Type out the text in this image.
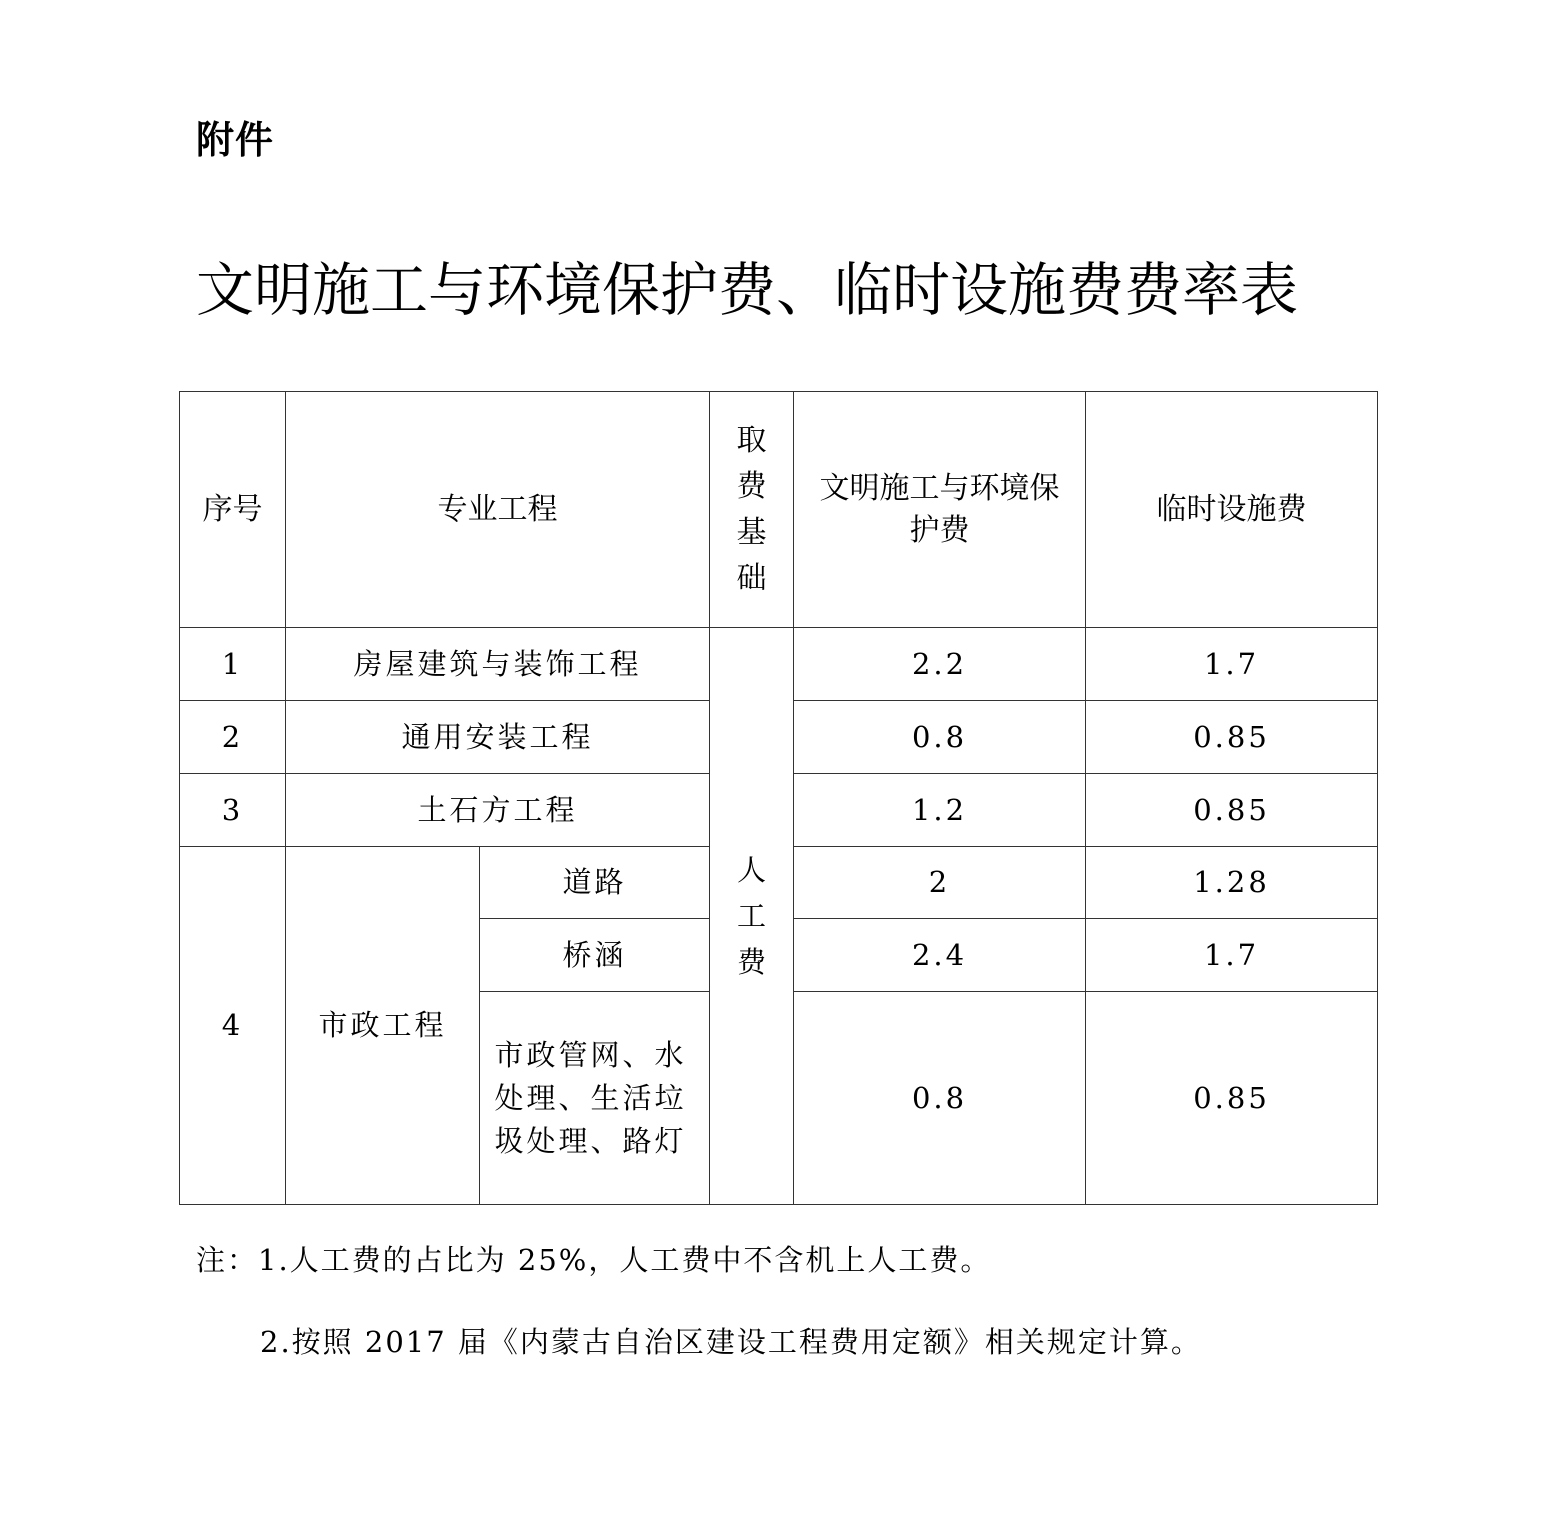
附件
文明施工与环境保护费、临时设施费费率表
序号	专业工程		取费基础	文明施工与环境保护费	临时设施费
1	房屋建筑与装饰工程		人工费	2.2	1.7
2	通用安装工程			0.8	0.85
3	土石方工程			1.2	0.85
4	市政工程	道路		2	1.28
		桥涵		2.4	1.7
		市政管网、水处理、生活垃圾处理、路灯		0.8	0.85
注：1.人工费的占比为 25%，人工费中不含机上人工费。
2.按照 2017 届《内蒙古自治区建设工程费用定额》相关规定计算。
